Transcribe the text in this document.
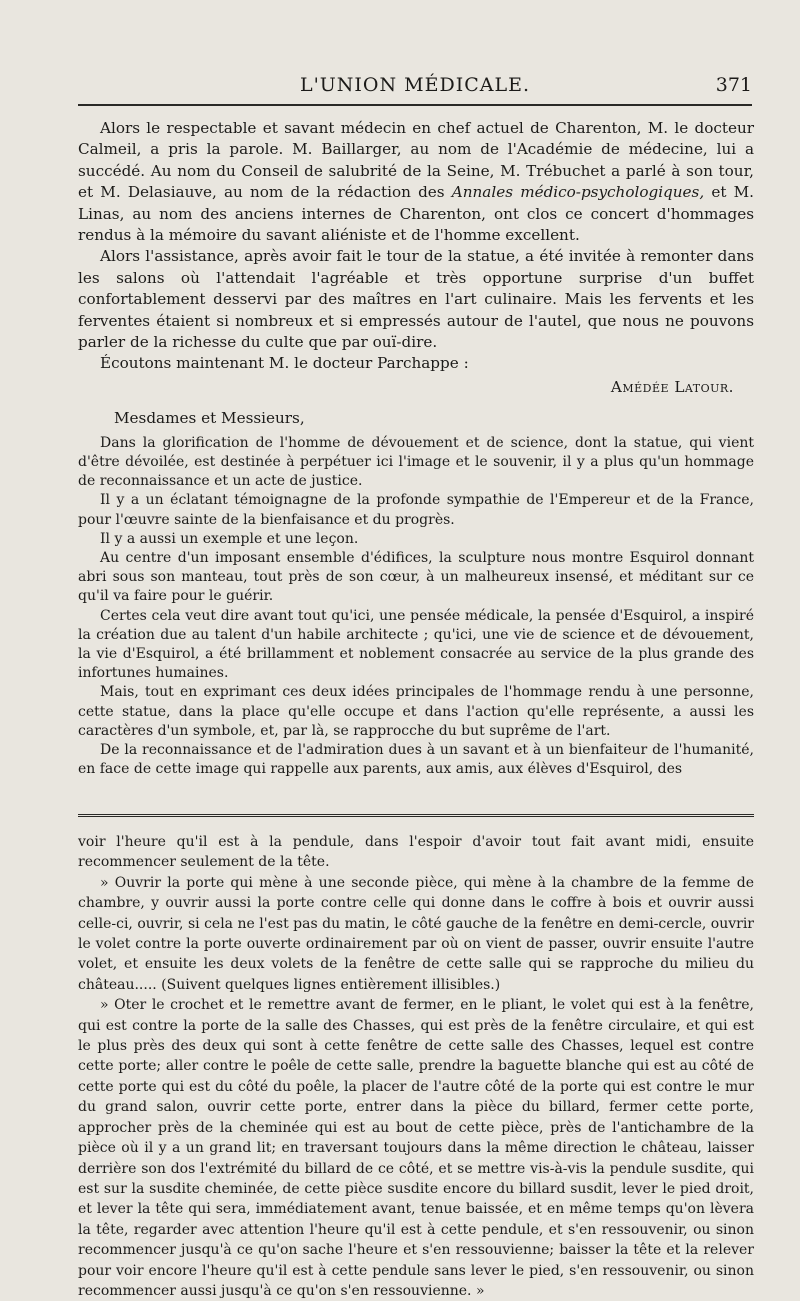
L'UNION MÉDICALE.	371

Alors le respectable et savant médecin en chef actuel de Charenton, M. le docteur Calmeil, a pris la parole. M. Baillarger, au nom de l'Académie de médecine, lui a succédé. Au nom du Conseil de salubrité de la Seine, M. Trébuchet a parlé à son tour, et M. Delasiauve, au nom de la rédaction des Annales médico-psychologiques, et M. Linas, au nom des anciens internes de Charenton, ont clos ce concert d'hommages rendus à la mémoire du savant aliéniste et de l'homme excellent.

Alors l'assistance, après avoir fait le tour de la statue, a été invitée à remonter dans les salons où l'attendait l'agréable et très opportune surprise d'un buffet confortablement desservi par des maîtres en l'art culinaire. Mais les fervents et les ferventes étaient si nombreux et si empressés autour de l'autel, que nous ne pouvons parler de la richesse du culte que par ouï-dire.

Écoutons maintenant M. le docteur Parchappe :

Amédée Latour.

Mesdames et Messieurs,

Dans la glorification de l'homme de dévouement et de science, dont la statue, qui vient d'être dévoilée, est destinée à perpétuer ici l'image et le souvenir, il y a plus qu'un hommage de reconnaissance et un acte de justice.

Il y a un éclatant témoignagne de la profonde sympathie de l'Empereur et de la France, pour l'œuvre sainte de la bienfaisance et du progrès.

Il y a aussi un exemple et une leçon.

Au centre d'un imposant ensemble d'édifices, la sculpture nous montre Esquirol donnant abri sous son manteau, tout près de son cœur, à un malheureux insensé, et méditant sur ce qu'il va faire pour le guérir.

Certes cela veut dire avant tout qu'ici, une pensée médicale, la pensée d'Esquirol, a inspiré la création due au talent d'un habile architecte ; qu'ici, une vie de science et de dévouement, la vie d'Esquirol, a été brillamment et noblement consacrée au service de la plus grande des infortunes humaines.

Mais, tout en exprimant ces deux idées principales de l'hommage rendu à une personne, cette statue, dans la place qu'elle occupe et dans l'action qu'elle représente, a aussi les caractères d'un symbole, et, par là, se rapprocche du but suprême de l'art.

De la reconnaissance et de l'admiration dues à un savant et à un bienfaiteur de l'humanité, en face de cette image qui rappelle aux parents, aux amis, aux élèves d'Esquirol, des

voir l'heure qu'il est à la pendule, dans l'espoir d'avoir tout fait avant midi, ensuite recommencer seulement de la tête.

» Ouvrir la porte qui mène à une seconde pièce, qui mène à la chambre de la femme de chambre, y ouvrir aussi la porte contre celle qui donne dans le coffre à bois et ouvrir aussi celle-ci, ouvrir, si cela ne l'est pas du matin, le côté gauche de la fenêtre en demi-cercle, ouvrir le volet contre la porte ouverte ordinairement par où on vient de passer, ouvrir ensuite l'autre volet, et ensuite les deux volets de la fenêtre de cette salle qui se rapproche du milieu du château..... (Suivent quelques lignes entièrement illisibles.)

» Oter le crochet et le remettre avant de fermer, en le pliant, le volet qui est à la fenêtre, qui est contre la porte de la salle des Chasses, qui est près de la fenêtre circulaire, et qui est le plus près des deux qui sont à cette fenêtre de cette salle des Chasses, lequel est contre cette porte; aller contre le poêle de cette salle, prendre la baguette blanche qui est au côté de cette porte qui est du côté du poêle, la placer de l'autre côté de la porte qui est contre le mur du grand salon, ouvrir cette porte, entrer dans la pièce du billard, fermer cette porte, approcher près de la cheminée qui est au bout de cette pièce, près de l'antichambre de la pièce où il y a un grand lit; en traversant toujours dans la même direction le château, laisser derrière son dos l'extrémité du billard de ce côté, et se mettre vis-à-vis la pendule susdite, qui est sur la susdite cheminée, de cette pièce susdite encore du billard susdit, lever le pied droit, et lever la tête qui sera, immédiatement avant, tenue baissée, et en même temps qu'on lèvera la tête, regarder avec attention l'heure qu'il est à cette pendule, et s'en ressouvenir, ou sinon recommencer jusqu'à ce qu'on sache l'heure et s'en ressouvienne; baisser la tête et la relever pour voir encore l'heure qu'il est à cette pendule sans lever le pied, s'en ressouvenir, ou sinon recommencer aussi jusqu'à ce qu'on s'en ressouvienne. »
